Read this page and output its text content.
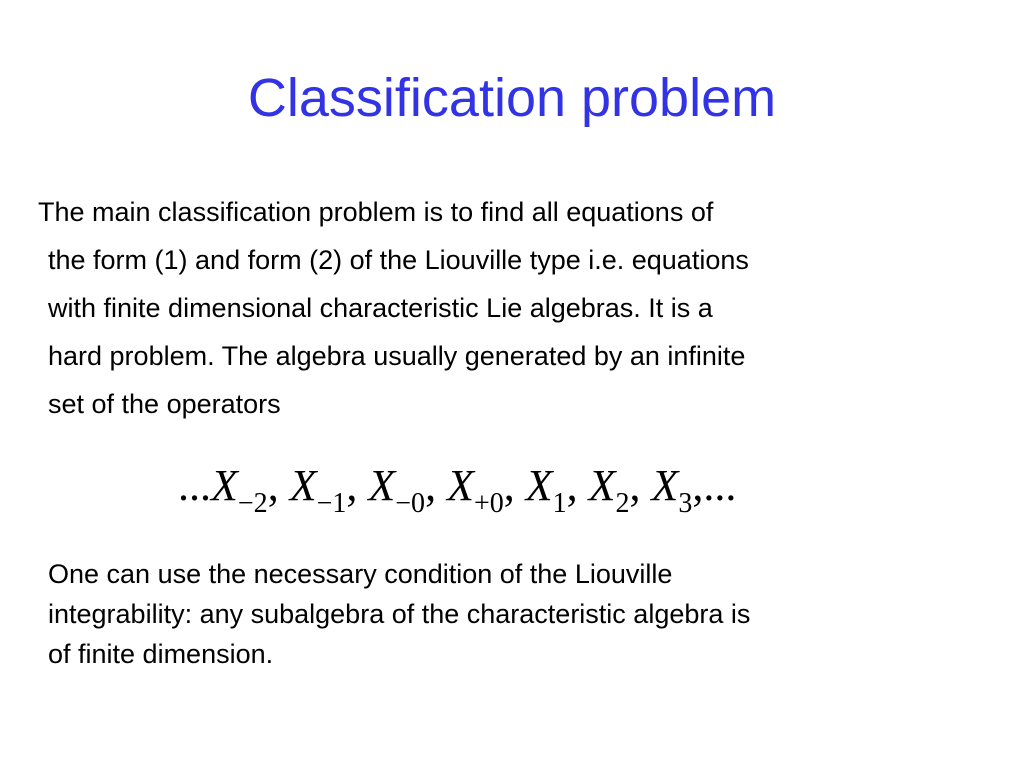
Classification problem
The main classification problem is to find all equations of
the form (1) and form (2) of the Liouville type i.e. equations
with finite dimensional characteristic Lie algebras. It is a
hard problem. The algebra usually generated by an infinite
set of the operators
$...X_{-2}$, $X_{-1}$, $X_{-0}$, $X_{+0}$, $X_1$, $X_2$, $X_3$,...
One can use the necessary condition of the Liouville
integrability: any subalgebra of the characteristic algebra is
of finite dimension.
